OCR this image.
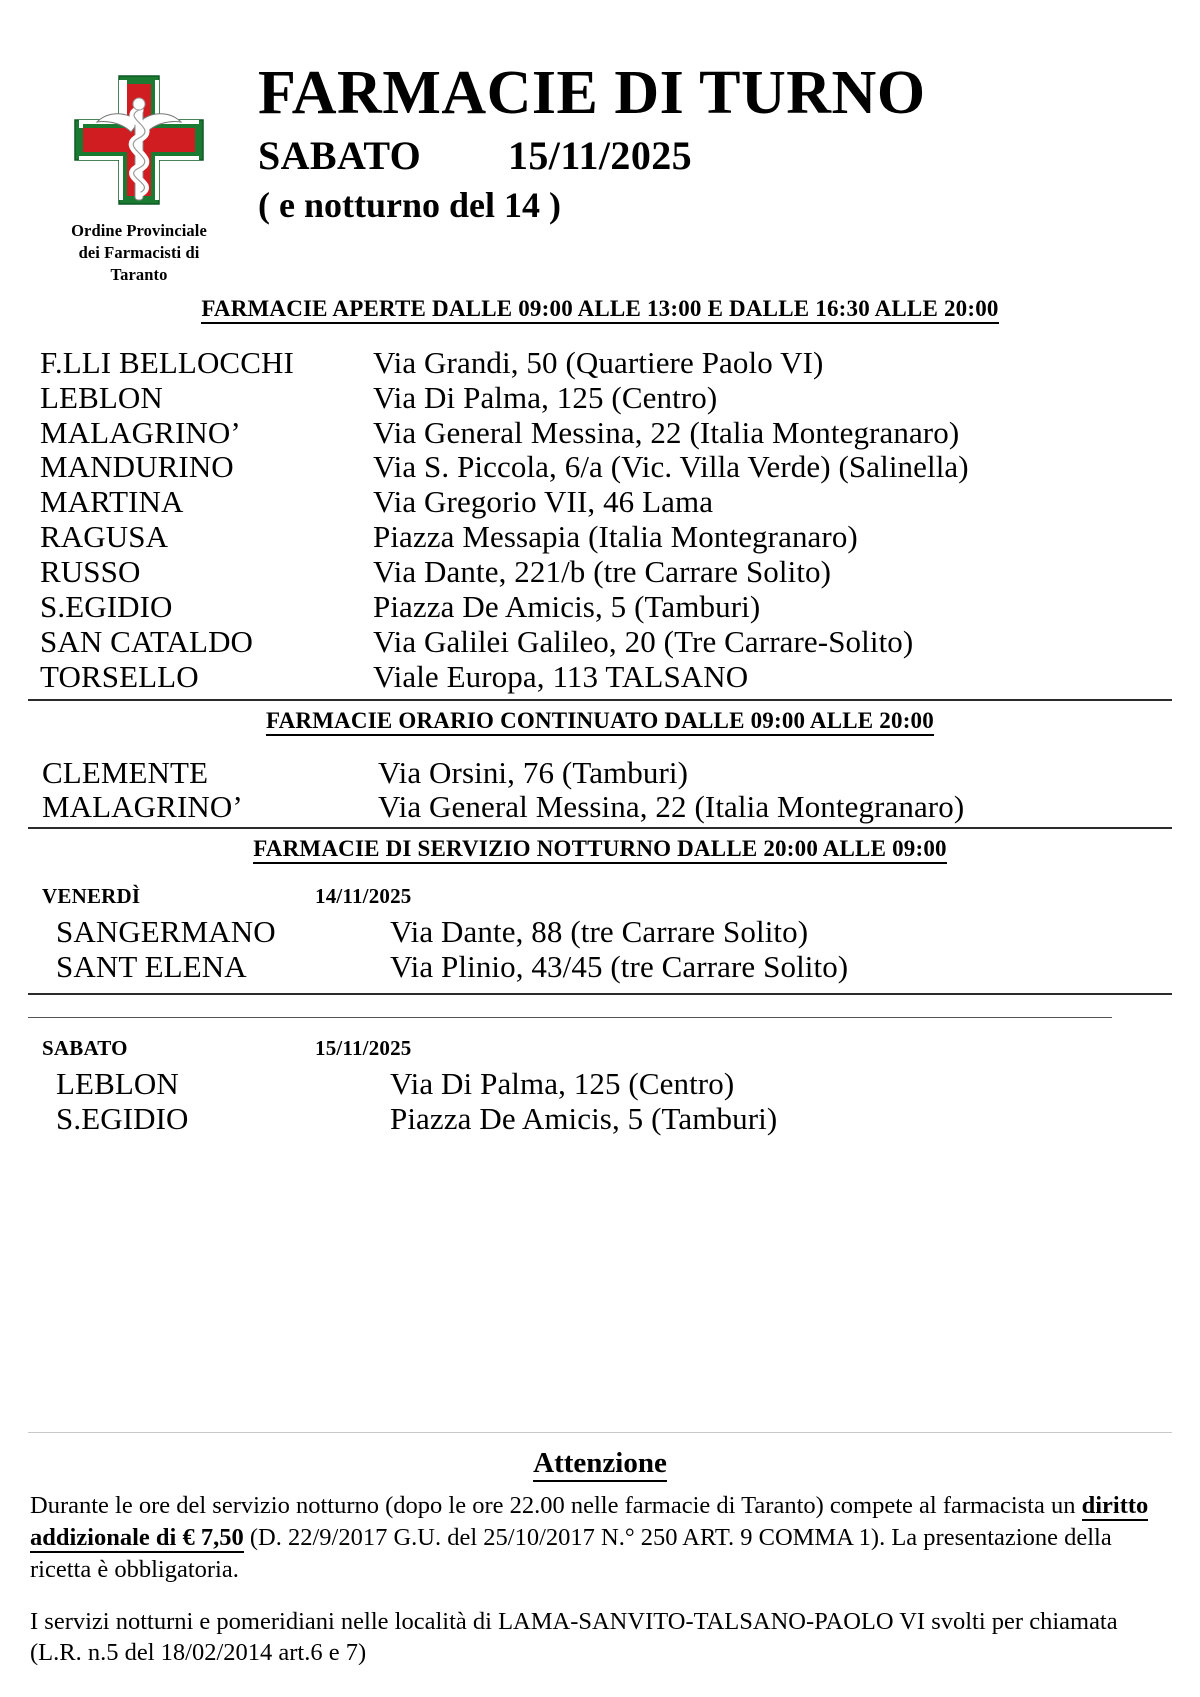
Ordine Provinciale
dei Farmacisti di
Taranto
FARMACIE DI TURNO
SABATO 15/11/2025
( e notturno del 14 )
FARMACIE APERTE DALLE 09:00 ALLE 13:00 E DALLE 16:30 ALLE 20:00
F.LLI BELLOCCHI	Via Grandi, 50 (Quartiere Paolo VI)
LEBLON	Via Di Palma, 125 (Centro)
MALAGRINO’	Via General Messina, 22 (Italia Montegranaro)
MANDURINO	Via S. Piccola, 6/a (Vic. Villa Verde) (Salinella)
MARTINA	Via Gregorio VII, 46 Lama
RAGUSA	Piazza Messapia (Italia Montegranaro)
RUSSO	Via Dante, 221/b (tre Carrare Solito)
S.EGIDIO	Piazza De Amicis, 5 (Tamburi)
SAN CATALDO	Via Galilei Galileo, 20 (Tre Carrare-Solito)
TORSELLO	Viale Europa, 113 TALSANO
FARMACIE ORARIO CONTINUATO DALLE 09:00 ALLE 20:00
CLEMENTE	Via Orsini, 76 (Tamburi)
MALAGRINO’	Via General Messina, 22 (Italia Montegranaro)
FARMACIE DI SERVIZIO NOTTURNO DALLE 20:00 ALLE 09:00
VENERDÌ	14/11/2025
SANGERMANO	Via Dante, 88 (tre Carrare Solito)
SANT ELENA	Via Plinio, 43/45 (tre Carrare Solito)
SABATO	15/11/2025
LEBLON	Via Di Palma, 125 (Centro)
S.EGIDIO	Piazza De Amicis, 5 (Tamburi)
Attenzione

Durante le ore del servizio notturno (dopo le ore 22.00 nelle farmacie di Taranto) compete al farmacista un diritto addizionale di € 7,50 (D. 22/9/2017 G.U. del 25/10/2017 N.° 250 ART. 9 COMMA 1). La presentazione della ricetta è obbligatoria.

I servizi notturni e pomeridiani nelle località di LAMA-SANVITO-TALSANO-PAOLO VI svolti per chiamata (L.R. n.5 del 18/02/2014 art.6 e 7)
